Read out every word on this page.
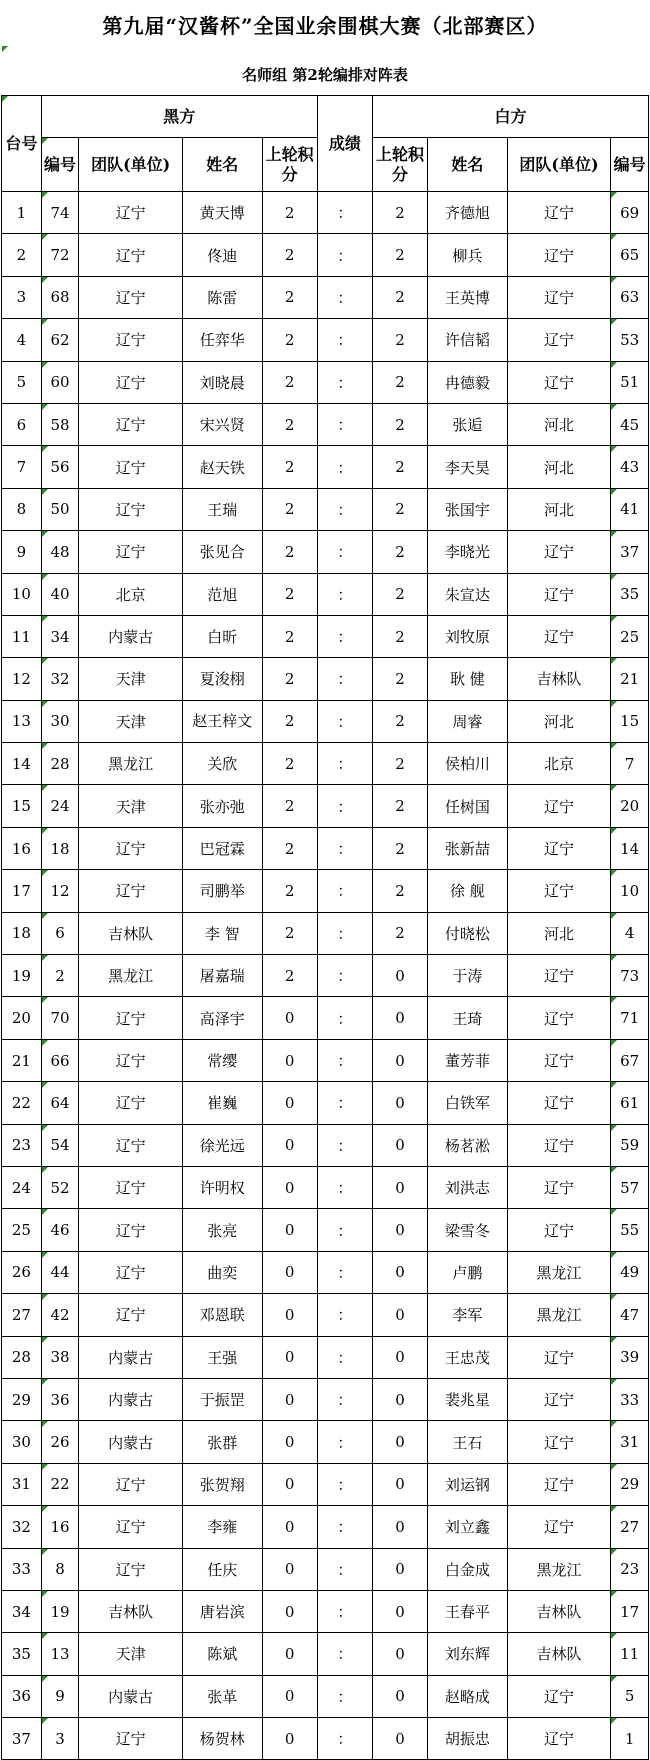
第九届“汉酱杯”全国业余围棋大赛（北部赛区）
名师组 第2轮编排对阵表
台号	黑方				成绩	白方			
	编号	团队(单位)	姓名	上轮积分		上轮积分	姓名	团队(单位)	编号
1	74	辽宁	黄天博	2	：	2	齐德旭	辽宁	69
2	72	辽宁	佟迪	2	：	2	柳兵	辽宁	65
3	68	辽宁	陈雷	2	：	2	王英博	辽宁	63
4	62	辽宁	任弈华	2	：	2	许信韬	辽宁	53
5	60	辽宁	刘晓晨	2	：	2	冉德毅	辽宁	51
6	58	辽宁	宋兴贤	2	：	2	张逅	河北	45
7	56	辽宁	赵天铁	2	：	2	李天昊	河北	43
8	50	辽宁	王瑞	2	：	2	张国宇	河北	41
9	48	辽宁	张见合	2	：	2	李晓光	辽宁	37
10	40	北京	范旭	2	：	2	朱宣达	辽宁	35
11	34	内蒙古	白昕	2	：	2	刘牧原	辽宁	25
12	32	天津	夏浚栩	2	：	2	耿 健	吉林队	21
13	30	天津	赵王梓文	2	：	2	周睿	河北	15
14	28	黑龙江	关欣	2	：	2	侯柏川	北京	7
15	24	天津	张亦弛	2	：	2	任树国	辽宁	20
16	18	辽宁	巴冠霖	2	：	2	张新喆	辽宁	14
17	12	辽宁	司鹏举	2	：	2	徐 舰	辽宁	10
18	6	吉林队	李 智	2	：	2	付晓松	河北	4
19	2	黑龙江	屠嘉瑞	2	：	0	于涛	辽宁	73
20	70	辽宁	高泽宇	0	：	0	王琦	辽宁	71
21	66	辽宁	常缨	0	：	0	董芳菲	辽宁	67
22	64	辽宁	崔巍	0	：	0	白铁军	辽宁	61
23	54	辽宁	徐光远	0	：	0	杨茗淞	辽宁	59
24	52	辽宁	许明权	0	：	0	刘洪志	辽宁	57
25	46	辽宁	张亮	0	：	0	梁雪冬	辽宁	55
26	44	辽宁	曲奕	0	：	0	卢鹏	黑龙江	49
27	42	辽宁	邓恩联	0	：	0	李军	黑龙江	47
28	38	内蒙古	王强	0	：	0	王忠茂	辽宁	39
29	36	内蒙古	于振罡	0	：	0	裴兆星	辽宁	33
30	26	内蒙古	张群	0	：	0	王石	辽宁	31
31	22	辽宁	张贺翔	0	：	0	刘运钢	辽宁	29
32	16	辽宁	李雍	0	：	0	刘立鑫	辽宁	27
33	8	辽宁	任庆	0	：	0	白金成	黑龙江	23
34	19	吉林队	唐岩滨	0	：	0	王春平	吉林队	17
35	13	天津	陈斌	0	：	0	刘东辉	吉林队	11
36	9	内蒙古	张革	0	：	0	赵略成	辽宁	5
37	3	辽宁	杨贺林	0	：	0	胡振忠	辽宁	1
